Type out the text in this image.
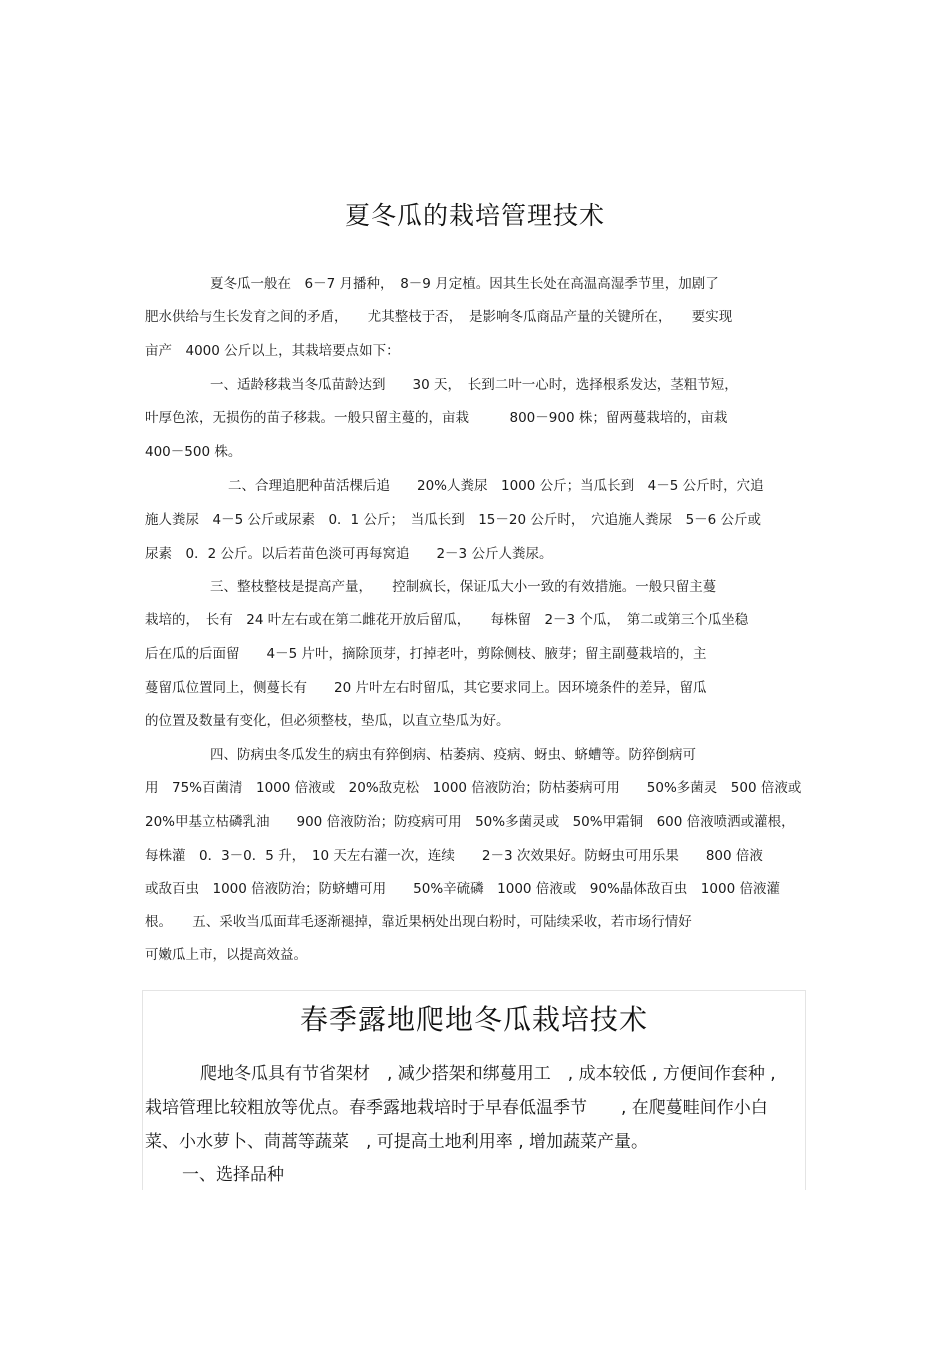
夏冬瓜的栽培管理技术

夏冬瓜一般在　6－7 月播种，　8－9 月定植。因其生长处在高温高湿季节里，加剧了

肥水供给与生长发育之间的矛盾，　　尤其整枝于否，　是影响冬瓜商品产量的关键所在，　　要实现

亩产　4000 公斤以上，其栽培要点如下：

一、适龄移栽当冬瓜苗龄达到　　30 天，　长到二叶一心时，选择根系发达，茎粗节短，

叶厚色浓，无损伤的苗子移栽。一般只留主蔓的，亩栽　　　800－900 株；留两蔓栽培的，亩栽

400－500 株。

二、合理追肥种苗活棵后追　　20%人粪尿　1000 公斤；当瓜长到　4－5 公斤时，穴追

施人粪尿　4－5 公斤或尿素　0．1 公斤；　当瓜长到　15－20 公斤时，　穴追施人粪尿　5－6 公斤或

尿素　0．2 公斤。以后若苗色淡可再每窝追　　2－3 公斤人粪尿。

三、整枝整枝是提高产量，　　控制疯长，保证瓜大小一致的有效措施。一般只留主蔓

栽培的，　长有　24 叶左右或在第二雌花开放后留瓜，　　每株留　2－3 个瓜，　第二或第三个瓜坐稳

后在瓜的后面留　　4－5 片叶，摘除顶芽，打掉老叶，剪除侧枝、腋芽；留主副蔓栽培的，主

蔓留瓜位置同上，侧蔓长有　　20 片叶左右时留瓜，其它要求同上。因环境条件的差异，留瓜

的位置及数量有变化，但必须整枝，垫瓜，以直立垫瓜为好。

四、防病虫冬瓜发生的病虫有猝倒病、枯萎病、疫病、蚜虫、蛴螬等。防猝倒病可

用　75%百菌清　1000 倍液或　20%敌克松　1000 倍液防治；防枯萎病可用　　50%多菌灵　500 倍液或

20%甲基立枯磷乳油　　900 倍液防治；防疫病可用　50%多菌灵或　50%甲霜铜　600 倍液喷洒或灌根，

每株灌　0．3－0．5 升，　10 天左右灌一次，连续　　2－3 次效果好。防蚜虫可用乐果　　800 倍液

或敌百虫　1000 倍液防治；防蛴螬可用　　50%辛硫磷　1000 倍液或　90%晶体敌百虫　1000 倍液灌

根。　　五、采收当瓜面茸毛逐渐褪掉，靠近果柄处出现白粉时，可陆续采收，若市场行情好

可嫩瓜上市，以提高效益。

春季露地爬地冬瓜栽培技术

爬地冬瓜具有节省架材　, 减少搭架和绑蔓用工　, 成本较低 , 方便间作套种 ,

栽培管理比较粗放等优点。春季露地栽培时于早春低温季节　　, 在爬蔓畦间作小白

菜、小水萝卜、茼蒿等蔬菜　, 可提高土地利用率 , 增加蔬菜产量。

一、选择品种
